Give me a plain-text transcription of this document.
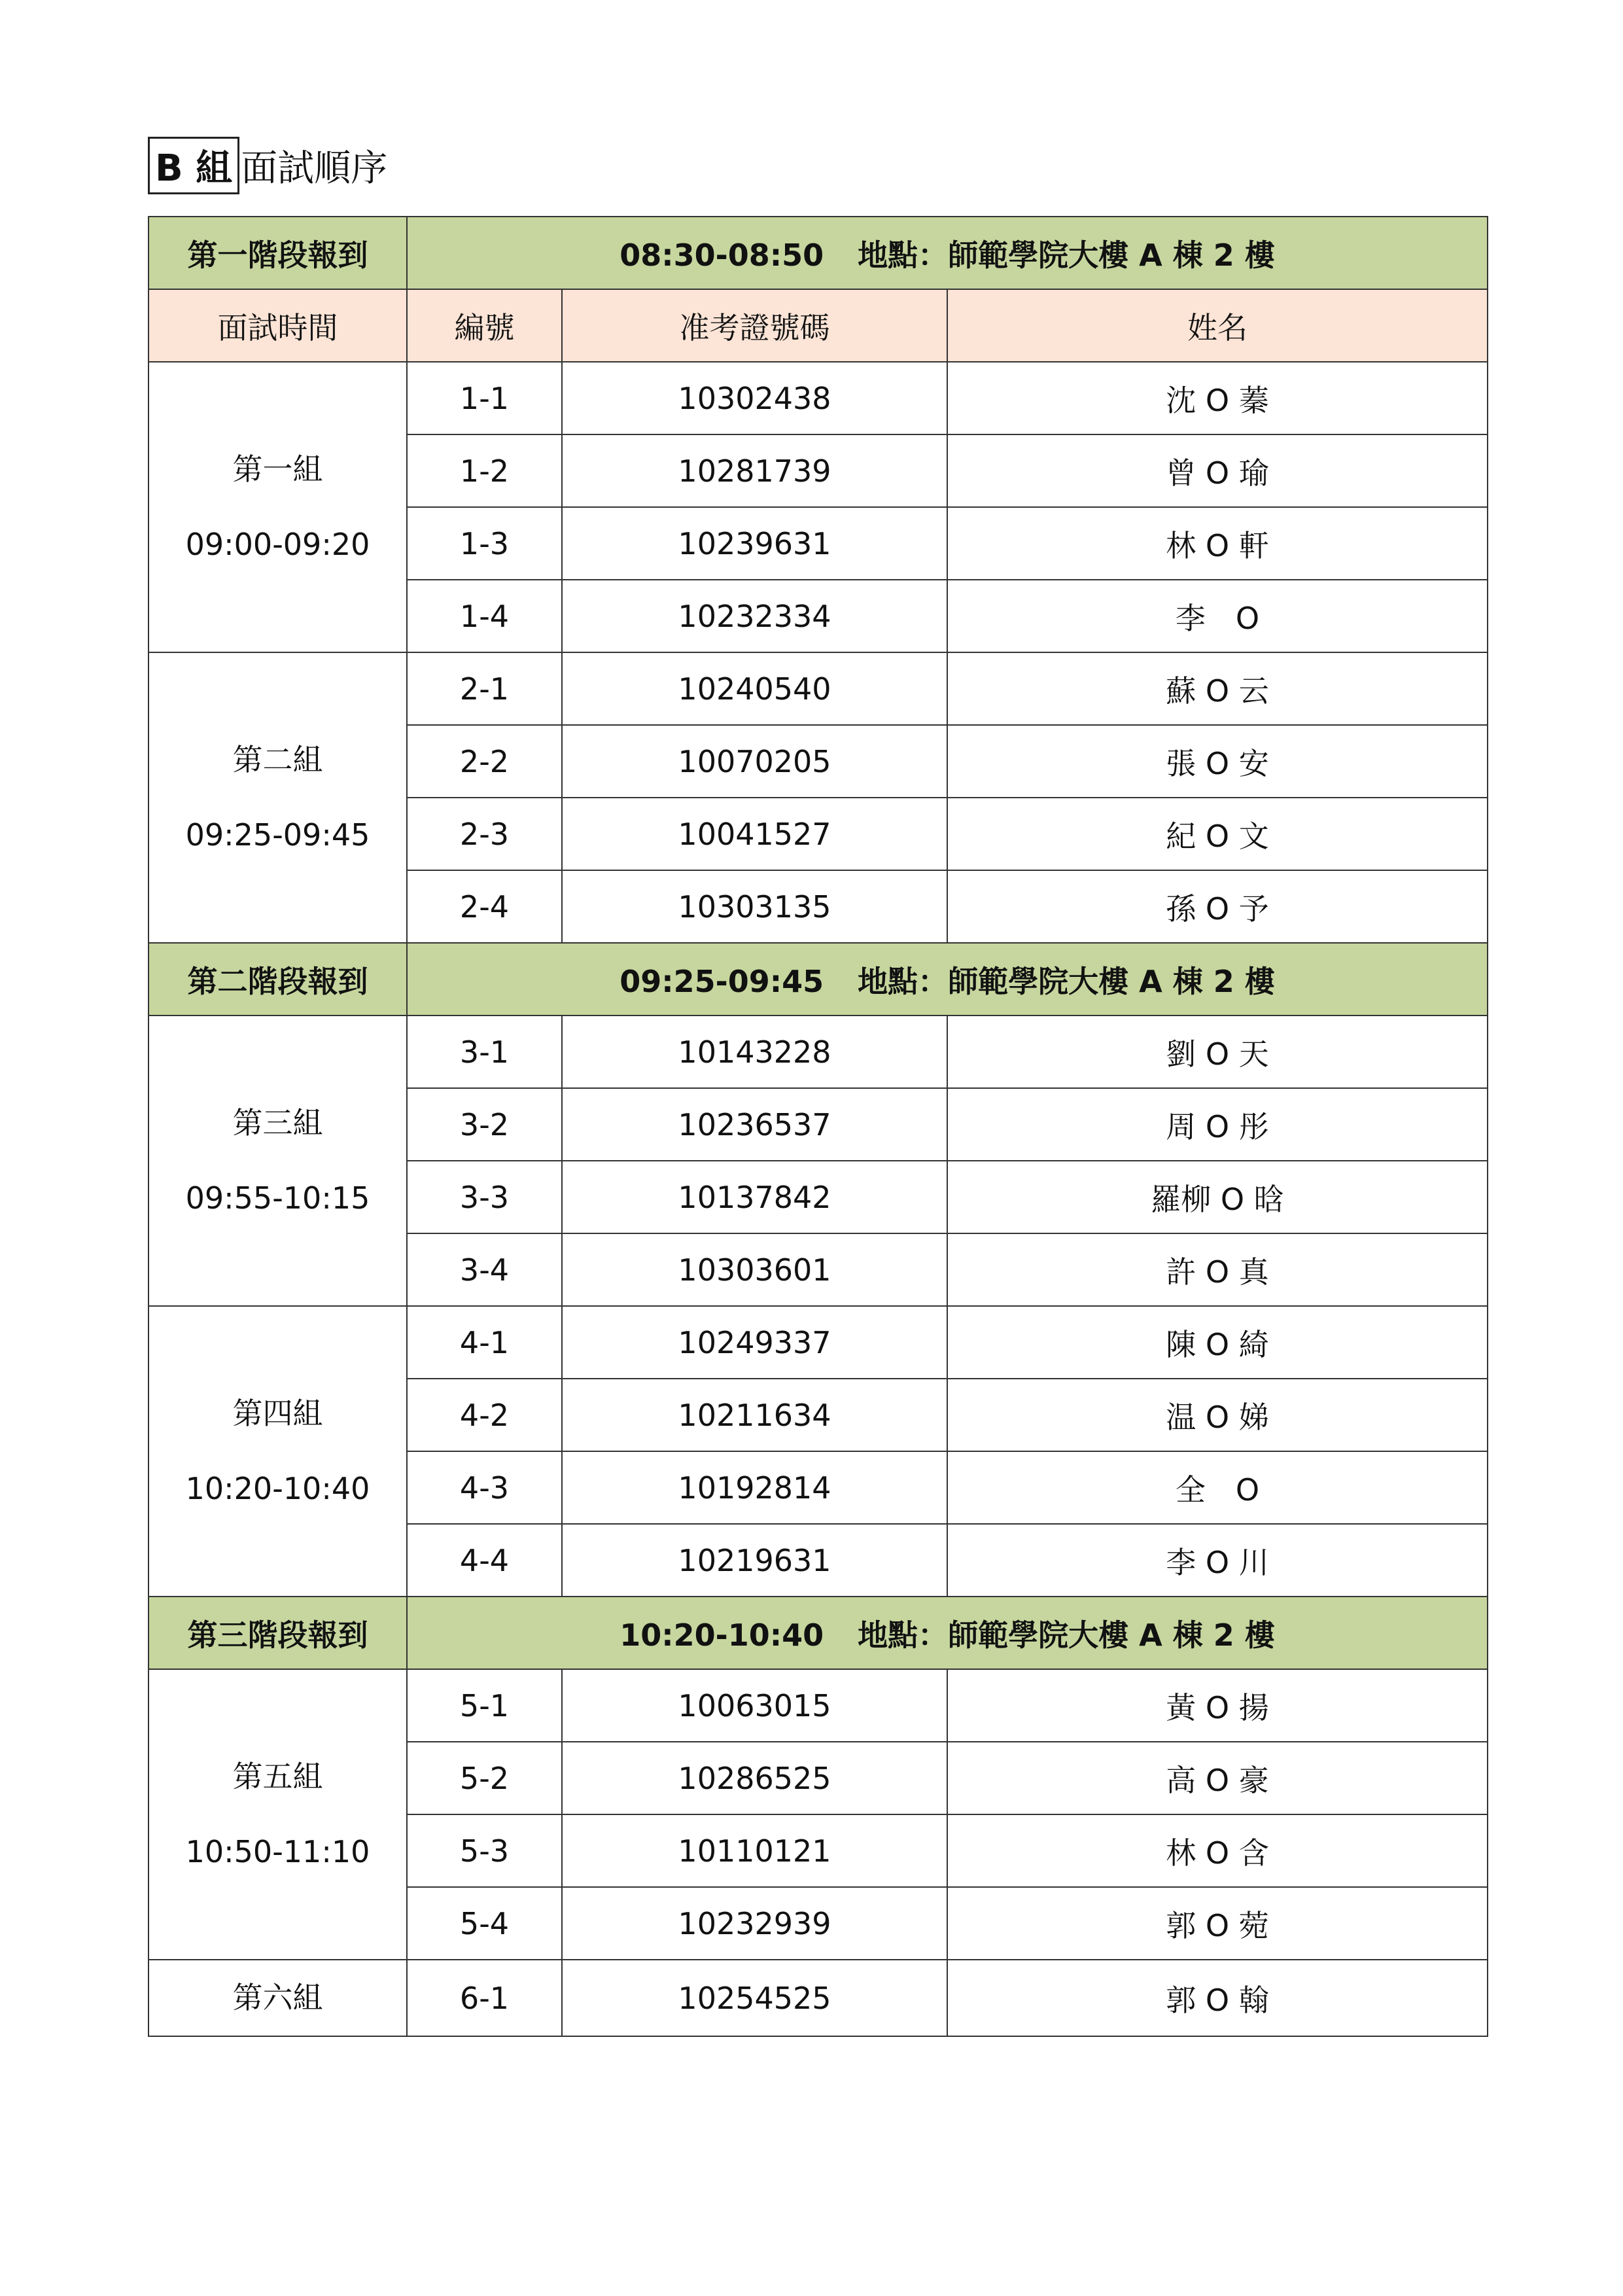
B 組 面試順序
第一階段報到	08:30-08:50 地點：師範學院大樓 A 棟 2 樓		
面試時間	編號	准考證號碼	姓名

第一組
09:00-09:20	1-1	10302438	沈 O 蓁
	1-2	10281739	曾 O 瑜
	1-3	10239631	林 O 軒
	1-4	10232334	李　O

第二組
09:25-09:45	2-1	10240540	蘇 O 云
	2-2	10070205	張 O 安
	2-3	10041527	紀 O 文
	2-4	10303135	孫 O 予
第二階段報到	09:25-09:45 地點：師範學院大樓 A 棟 2 樓		

第三組
09:55-10:15	3-1	10143228	劉 O 天
	3-2	10236537	周 O 彤
	3-3	10137842	羅柳 O 晗
	3-4	10303601	許 O 真

第四組
10:20-10:40	4-1	10249337	陳 O 綺
	4-2	10211634	温 O 娣
	4-3	10192814	全　O
	4-4	10219631	李 O 川
第三階段報到	10:20-10:40 地點：師範學院大樓 A 棟 2 樓		

第五組
10:50-11:10	5-1	10063015	黃 O 揚
	5-2	10286525	高 O 豪
	5-3	10110121	林 O 含
	5-4	10232939	郭 O 菀

第六組	6-1	10254525	郭 O 翰
